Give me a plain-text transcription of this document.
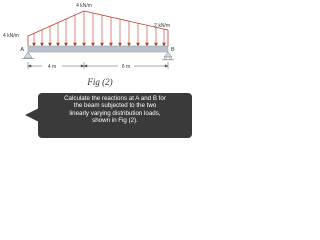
4 kN/m
2 kN/m
4 kN/m
A	B
4 m	6 m
Fig (2)

Calculate the reactions at A and B for
the beam subjected to the two
linearly varying distribution loads,
shown in Fig (2).
